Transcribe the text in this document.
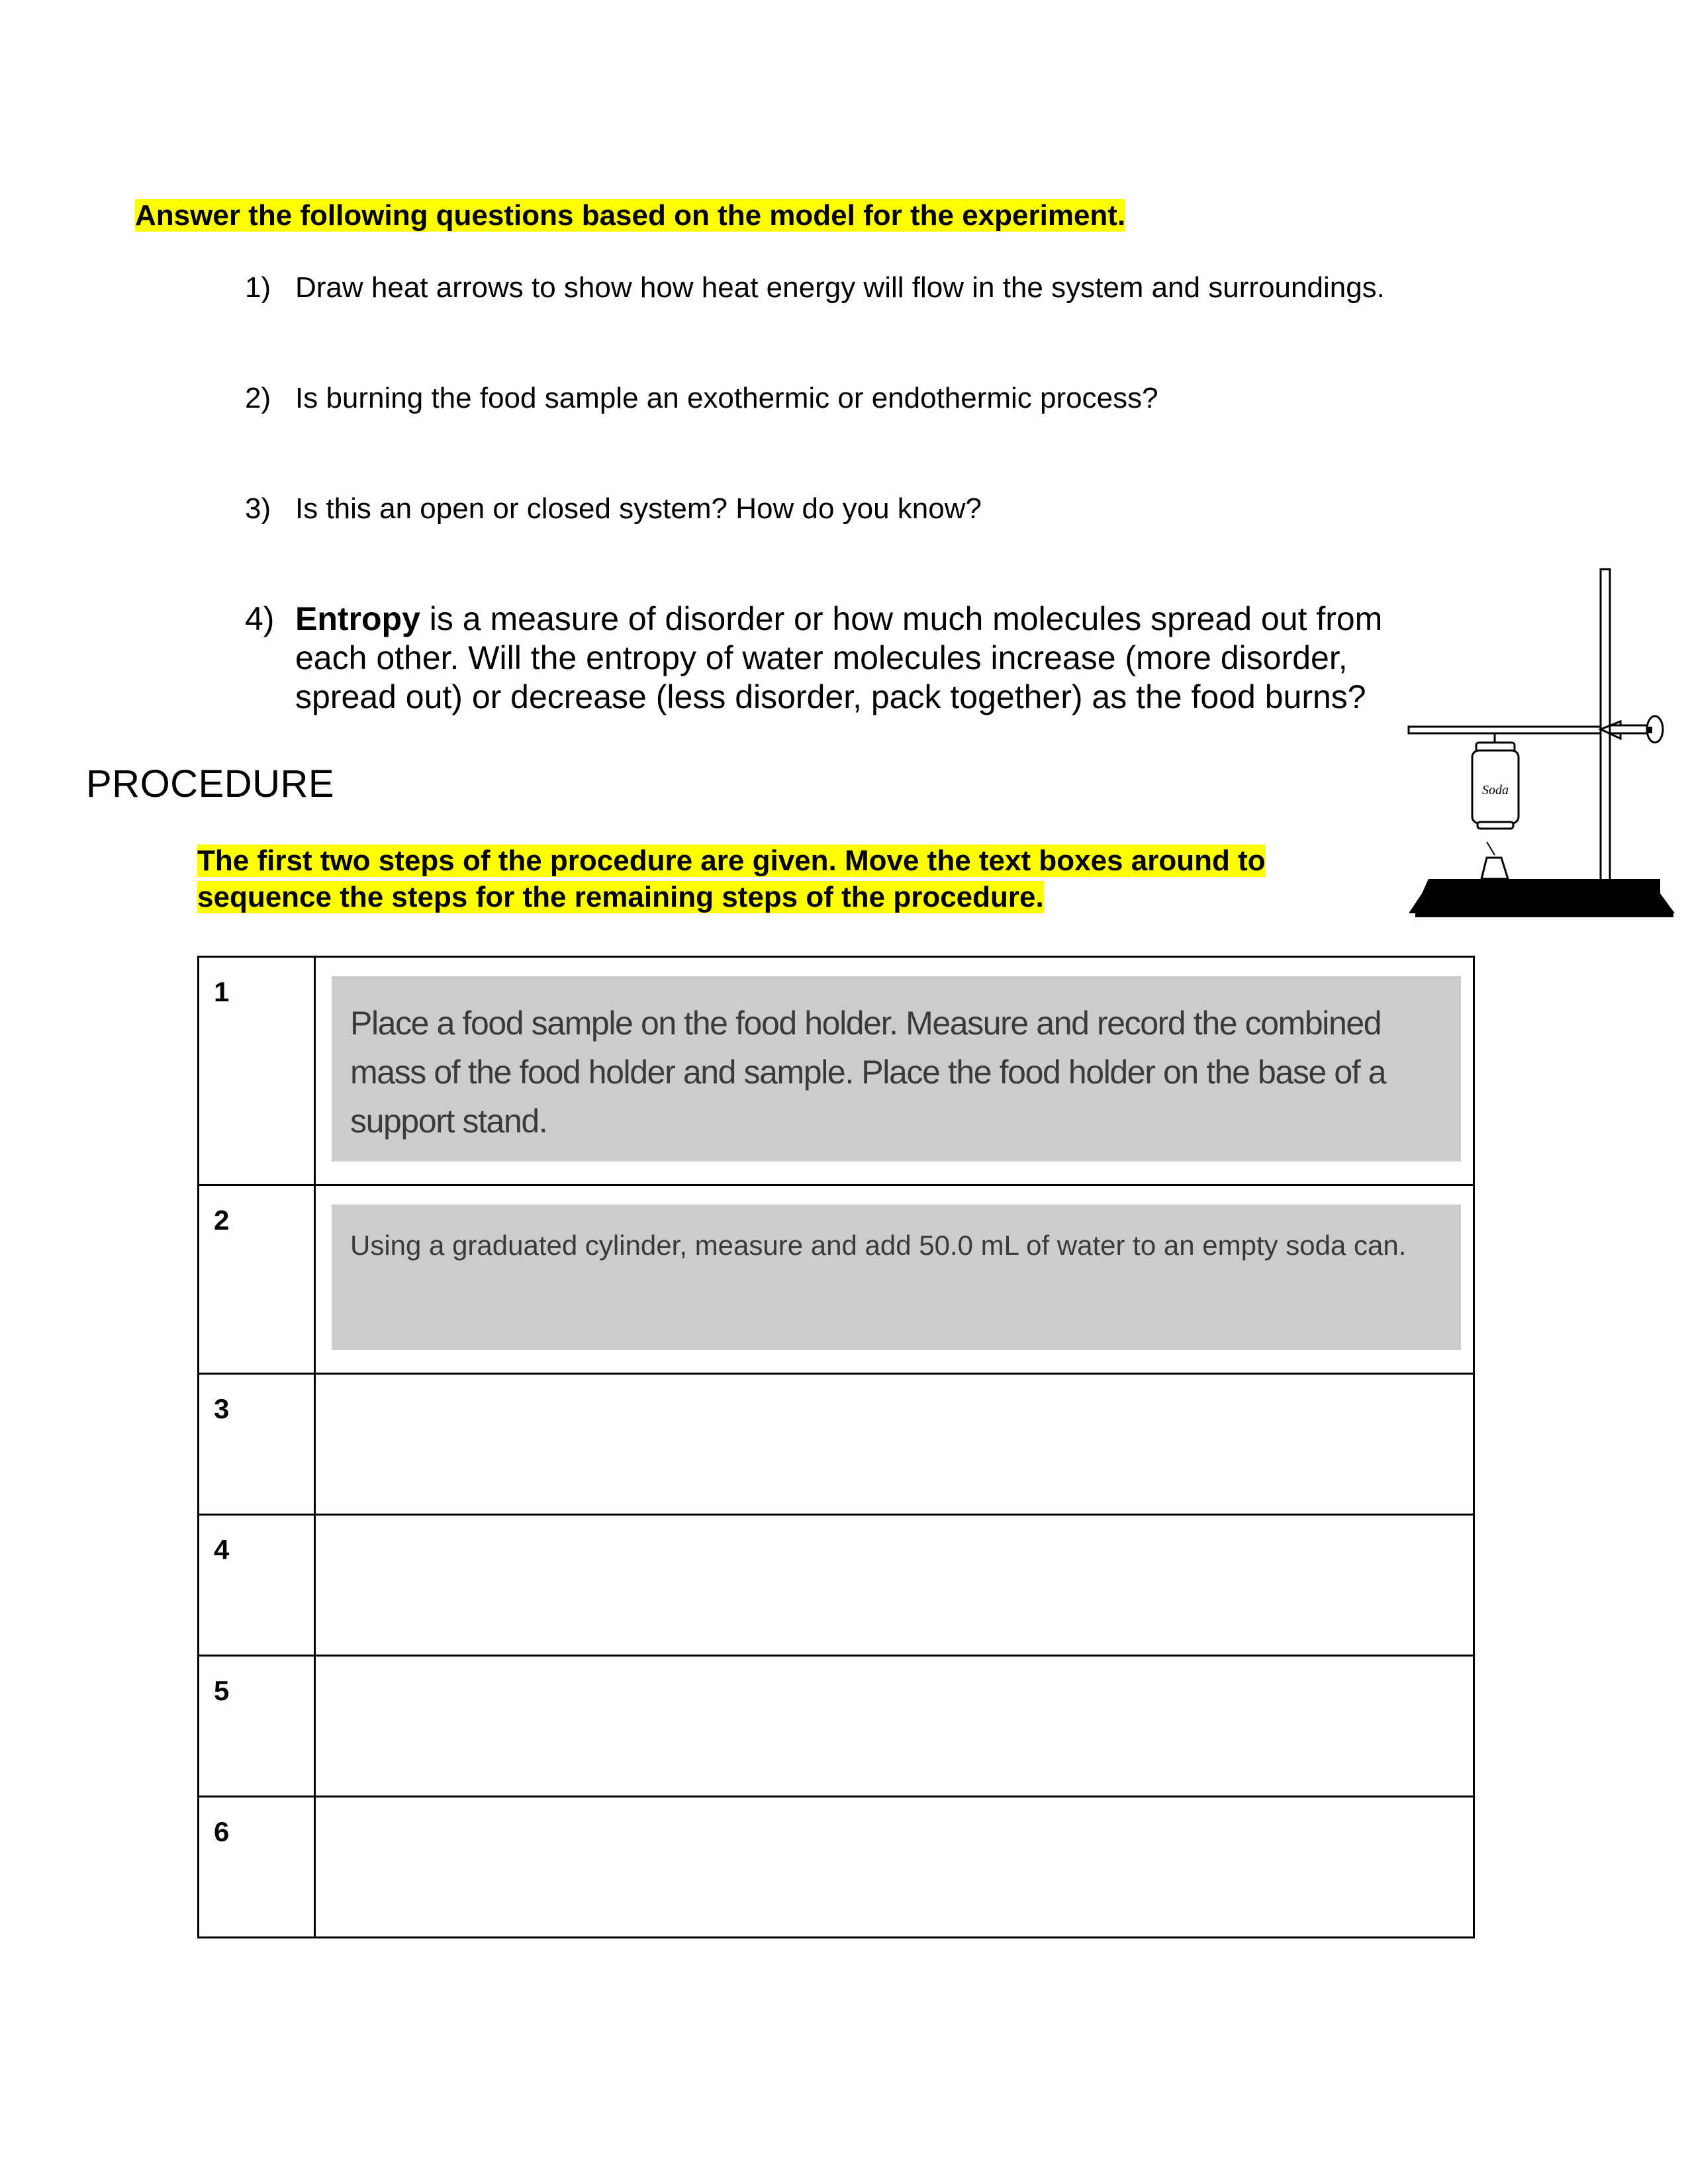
Answer the following questions based on the model for the experiment.
1) Draw heat arrows to show how heat energy will flow in the system and surroundings.
2) Is burning the food sample an exothermic or endothermic process?
3) Is this an open or closed system? How do you know?
4) Entropy is a measure of disorder or how much molecules spread out from each other. Will the entropy of water molecules increase (more disorder, spread out) or decrease (less disorder, pack together) as the food burns?
PROCEDURE
The first two steps of the procedure are given. Move the text boxes around to sequence the steps for the remaining steps of the procedure.
Soda
1	Place a food sample on the food holder. Measure and record the combined mass of the food holder and sample. Place the food holder on the base of a support stand.

2	Using a graduated cylinder, measure and add 50.0 mL of water to an empty soda can.

3	
4	
5	
6	
